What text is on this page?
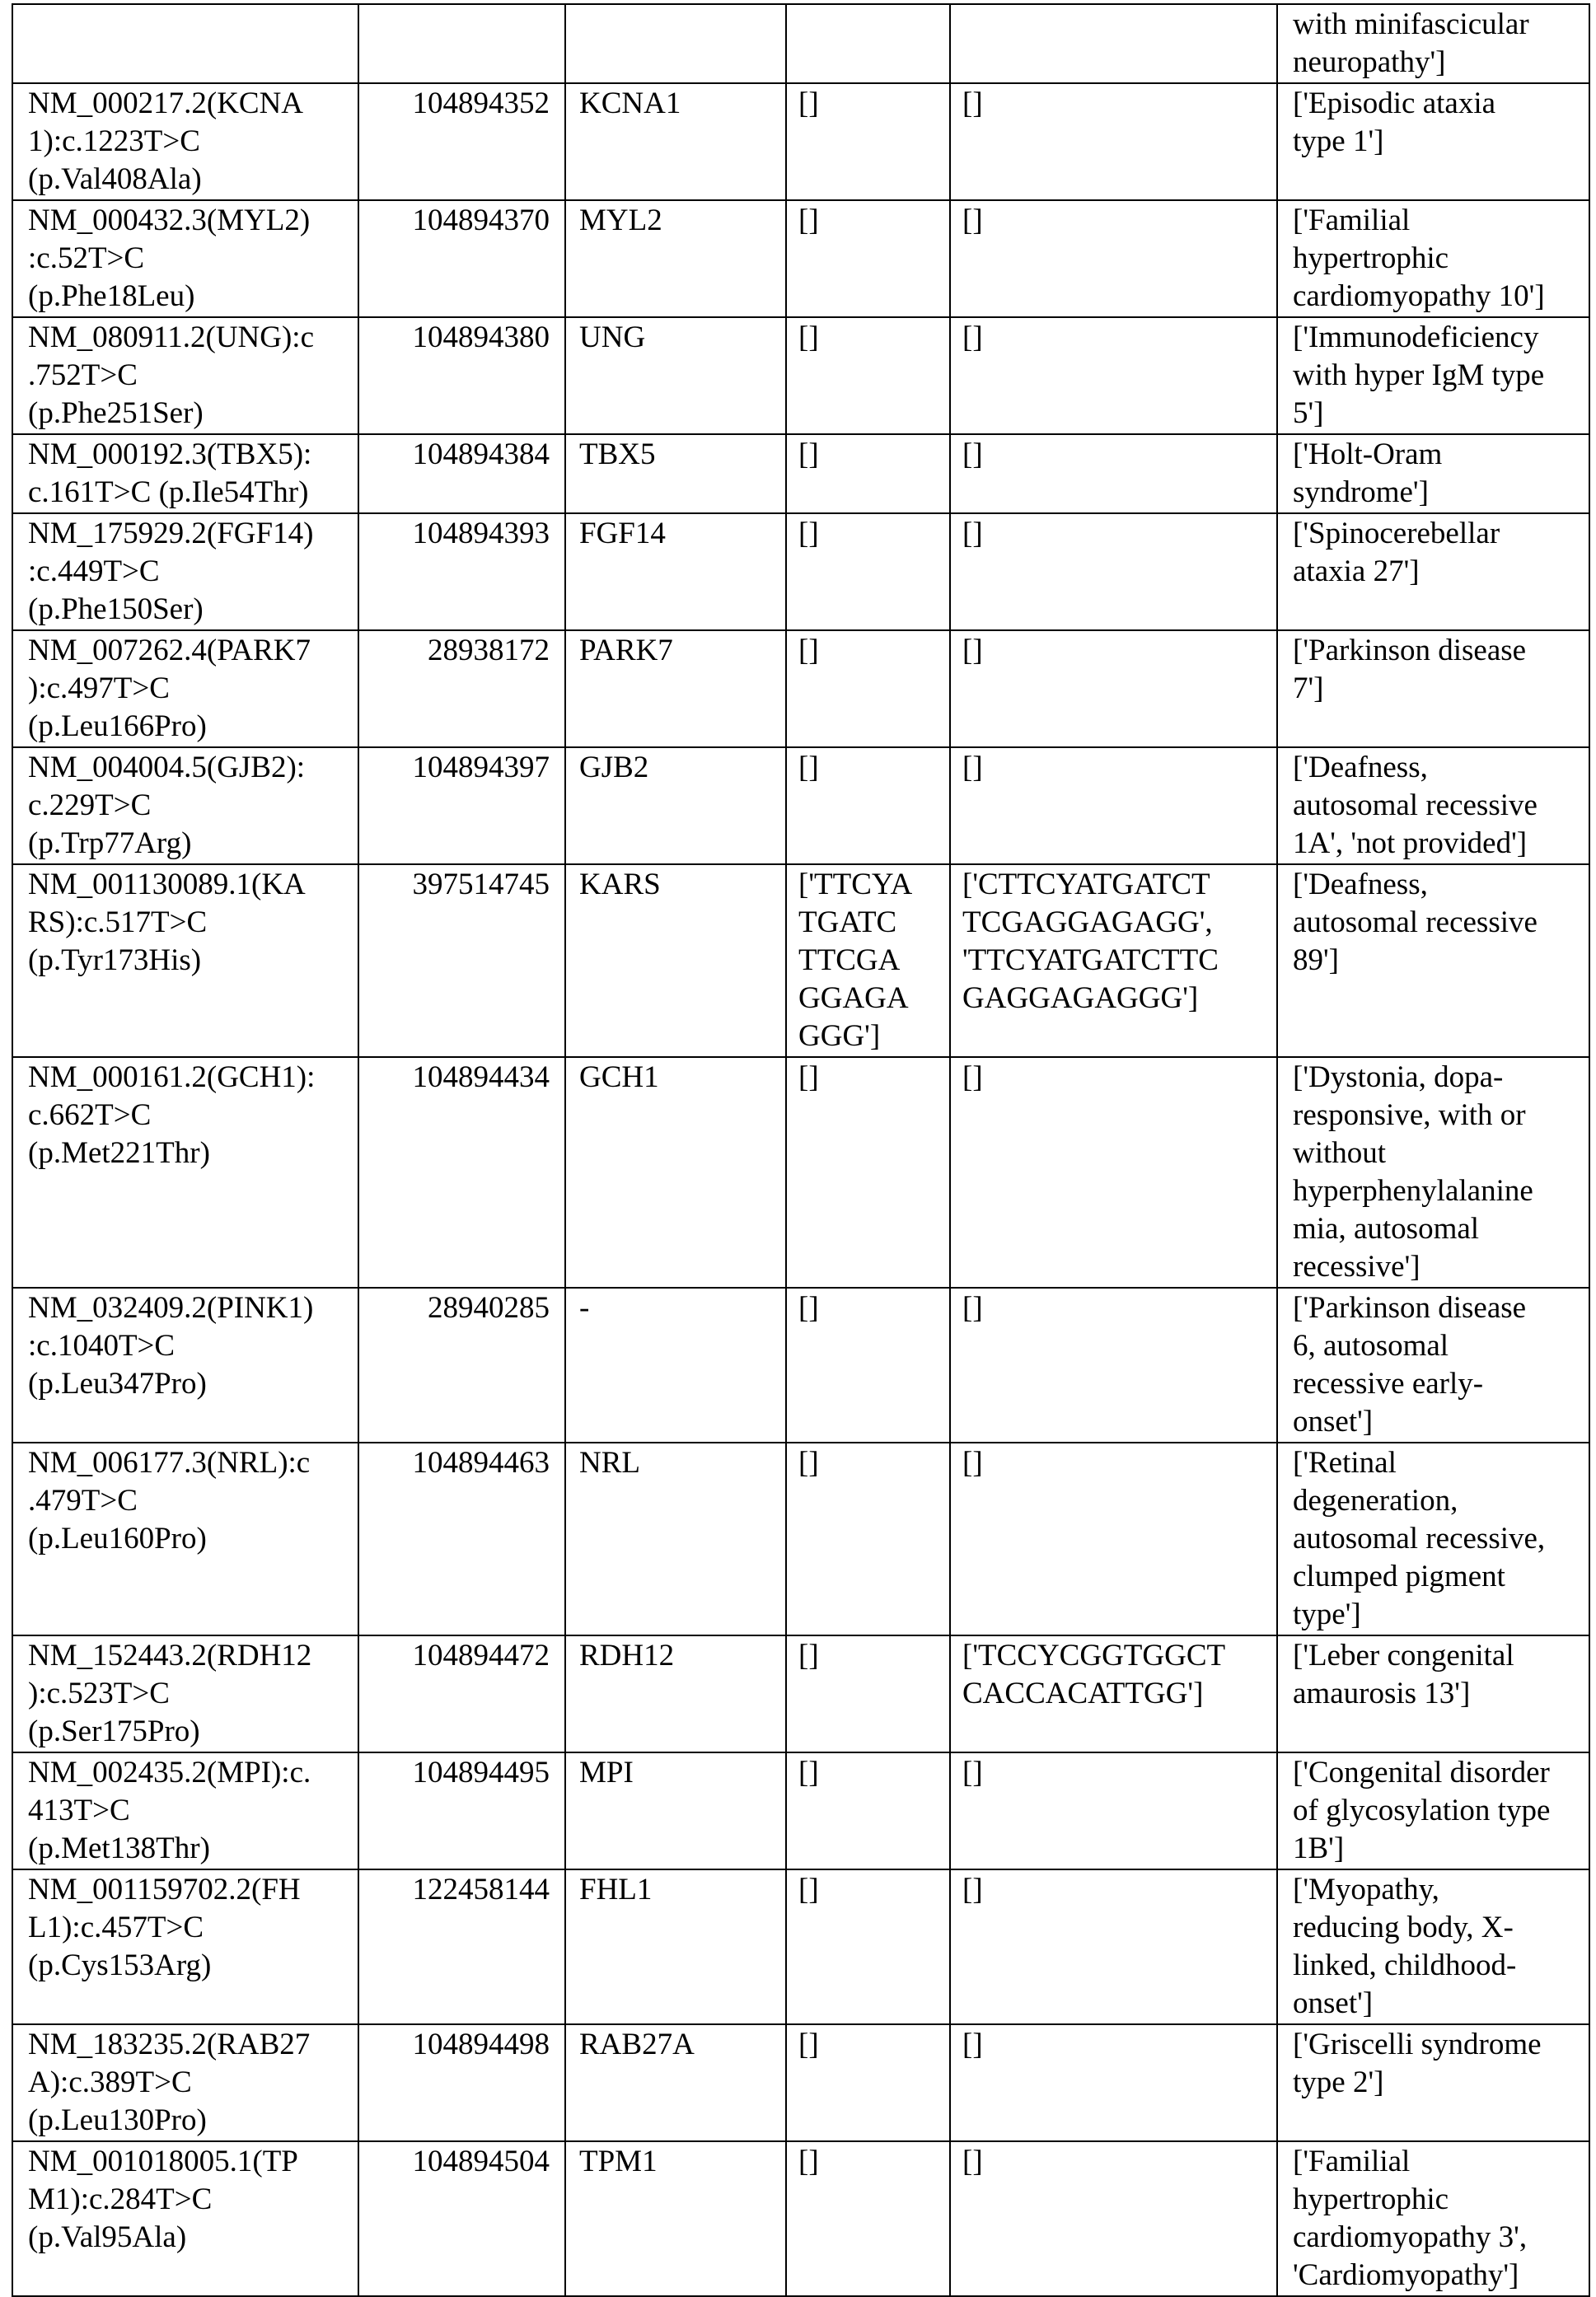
					with minifascicular
neuropathy']
NM_000217.2(KCNA
1):c.1223T>C
(p.Val408Ala)	104894352	KCNA1	[]	[]	['Episodic ataxia
type 1']
NM_000432.3(MYL2)
:c.52T>C
(p.Phe18Leu)	104894370	MYL2	[]	[]	['Familial
hypertrophic
cardiomyopathy 10']
NM_080911.2(UNG):c
.752T>C
(p.Phe251Ser)	104894380	UNG	[]	[]	['Immunodeficiency
with hyper IgM type
5']
NM_000192.3(TBX5):
c.161T>C (p.Ile54Thr)	104894384	TBX5	[]	[]	['Holt-Oram
syndrome']
NM_175929.2(FGF14)
:c.449T>C
(p.Phe150Ser)	104894393	FGF14	[]	[]	['Spinocerebellar
ataxia 27']
NM_007262.4(PARK7
):c.497T>C
(p.Leu166Pro)	28938172	PARK7	[]	[]	['Parkinson disease
7']
NM_004004.5(GJB2):
c.229T>C
(p.Trp77Arg)	104894397	GJB2	[]	[]	['Deafness,
autosomal recessive
1A', 'not provided']
NM_001130089.1(KA
RS):c.517T>C
(p.Tyr173His)	397514745	KARS	['TTCYA
TGATC
TTCGA
GGAGA
GGG']	['CTTCYATGATCT
TCGAGGAGAGG',
'TTCYATGATCTTC
GAGGAGAGGG']	['Deafness,
autosomal recessive
89']
NM_000161.2(GCH1):
c.662T>C
(p.Met221Thr)	104894434	GCH1	[]	[]	['Dystonia, dopa-
responsive, with or
without
hyperphenylalanine
mia, autosomal
recessive']
NM_032409.2(PINK1)
:c.1040T>C
(p.Leu347Pro)	28940285	-	[]	[]	['Parkinson disease
6, autosomal
recessive early-
onset']
NM_006177.3(NRL):c
.479T>C
(p.Leu160Pro)	104894463	NRL	[]	[]	['Retinal
degeneration,
autosomal recessive,
clumped pigment
type']
NM_152443.2(RDH12
):c.523T>C
(p.Ser175Pro)	104894472	RDH12	[]	['TCCYCGGTGGCT
CACCACATTGG']	['Leber congenital
amaurosis 13']
NM_002435.2(MPI):c.
413T>C
(p.Met138Thr)	104894495	MPI	[]	[]	['Congenital disorder
of glycosylation type
1B']
NM_001159702.2(FH
L1):c.457T>C
(p.Cys153Arg)	122458144	FHL1	[]	[]	['Myopathy,
reducing body, X-
linked, childhood-
onset']
NM_183235.2(RAB27
A):c.389T>C
(p.Leu130Pro)	104894498	RAB27A	[]	[]	['Griscelli syndrome
type 2']
NM_001018005.1(TP
M1):c.284T>C
(p.Val95Ala)	104894504	TPM1	[]	[]	['Familial
hypertrophic
cardiomyopathy 3',
'Cardiomyopathy']
